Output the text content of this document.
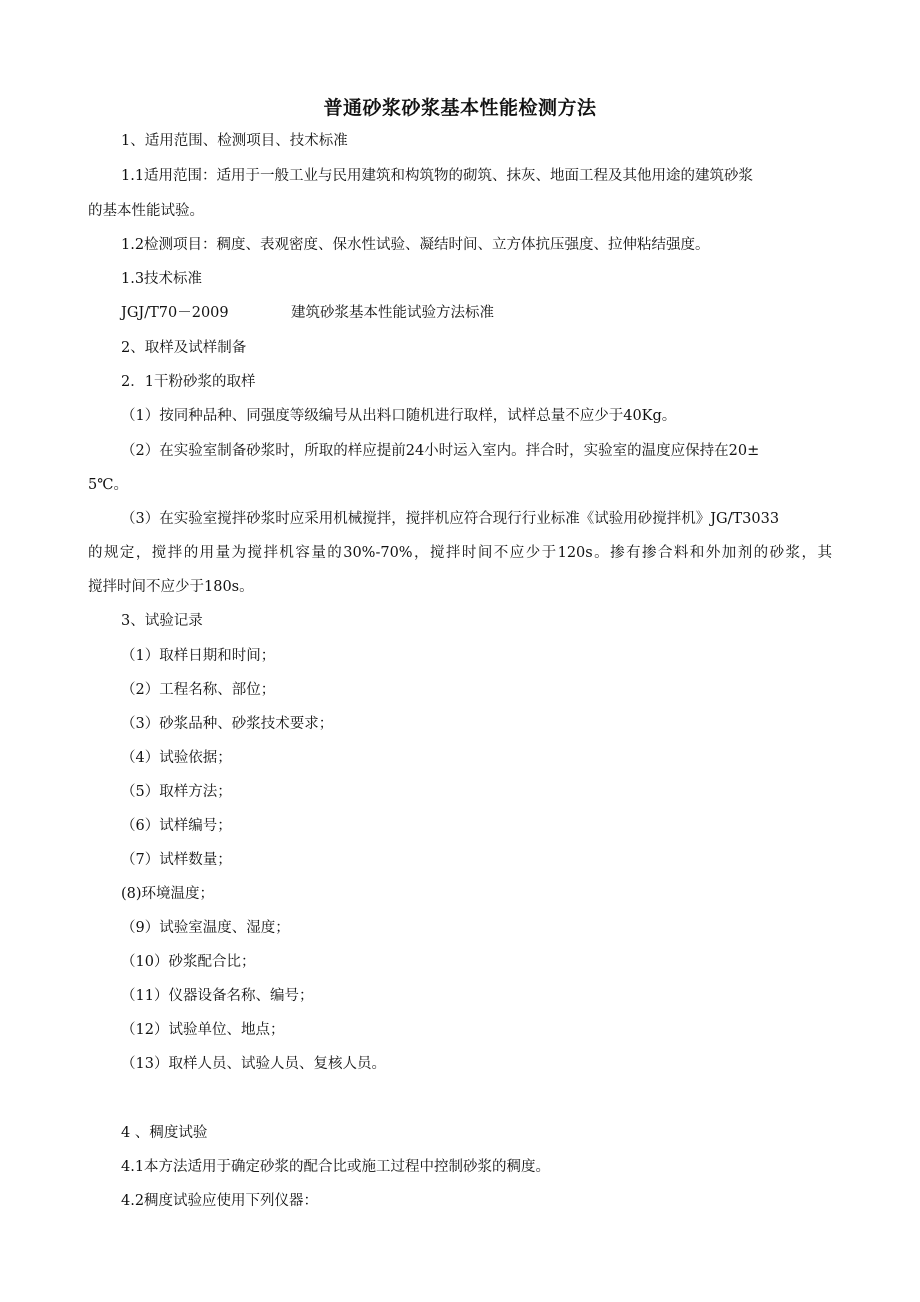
普通砂浆砂浆基本性能检测方法
1、适用范围、检测项目、技术标准
1.1适用范围：适用于一般工业与民用建筑和构筑物的砌筑、抹灰、地面工程及其他用途的建筑砂浆
的基本性能试验。
1.2检测项目：稠度、表观密度、保水性试验、凝结时间、立方体抗压强度、拉伸粘结强度。
1.3技术标准
JGJ/T70－2009	建筑砂浆基本性能试验方法标准
2、取样及试样制备
2．1干粉砂浆的取样
（1）按同种品种、同强度等级编号从出料口随机进行取样，试样总量不应少于40Kg。
（2）在实验室制备砂浆时，所取的样应提前24小时运入室内。拌合时，实验室的温度应保持在20±
5℃。
（3）在实验室搅拌砂浆时应采用机械搅拌，搅拌机应符合现行行业标准《试验用砂搅拌机》JG/T3033
的规定，搅拌的用量为搅拌机容量的30%-70%，搅拌时间不应少于120s。掺有掺合料和外加剂的砂浆，其
搅拌时间不应少于180s。
3、试验记录
（1）取样日期和时间；
（2）工程名称、部位；
（3）砂浆品种、砂浆技术要求；
（4）试验依据；
（5）取样方法；
（6）试样编号；
（7）试样数量；
(8)环境温度；
（9）试验室温度、湿度；
（10）砂浆配合比；
（11）仪器设备名称、编号；
（12）试验单位、地点；
（13）取样人员、试验人员、复核人员。
4 、稠度试验
4.1本方法适用于确定砂浆的配合比或施工过程中控制砂浆的稠度。
4.2稠度试验应使用下列仪器：
